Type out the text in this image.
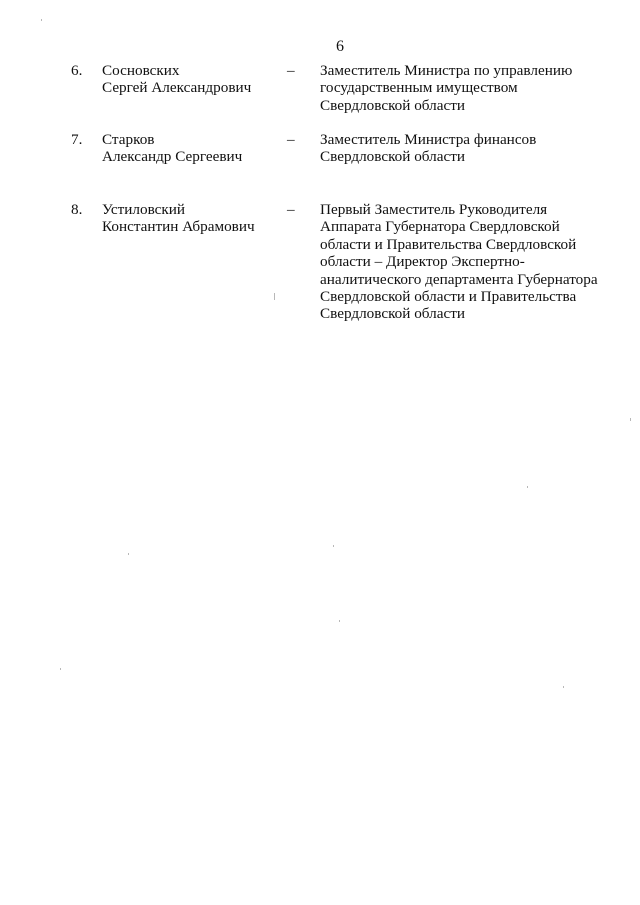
6
6. Сосновских
Сергей Александрович
– Заместитель Министра по управлению
государственным имуществом
Свердловской области
7. Старков
Александр Сергеевич
– Заместитель Министра финансов
Свердловской области
8. Устиловский
Константин Абрамович
– Первый Заместитель Руководителя
Аппарата Губернатора Свердловской
области и Правительства Свердловской
области – Директор Экспертно-
аналитического департамента Губернатора
Свердловской области и Правительства
Свердловской области
